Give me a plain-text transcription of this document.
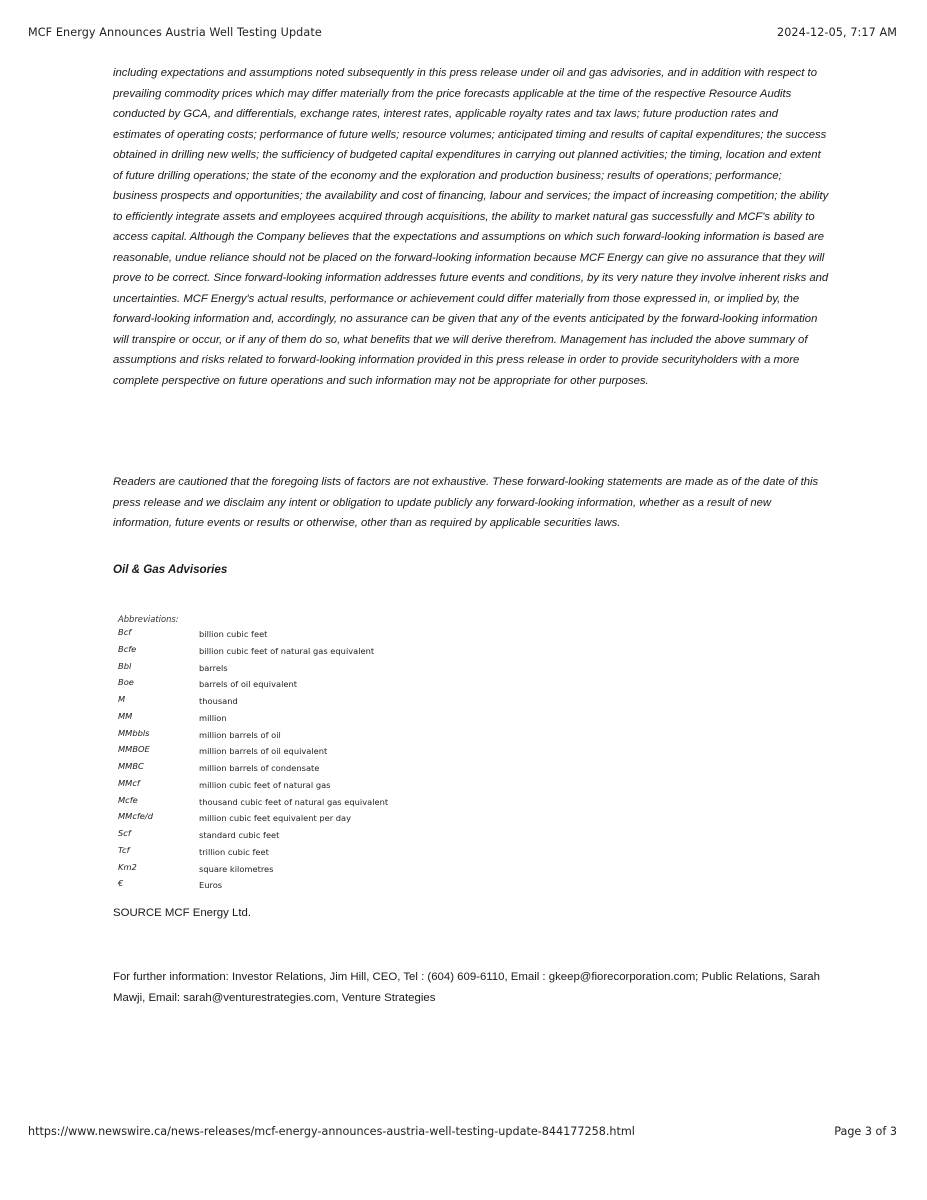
MCF Energy Announces Austria Well Testing Update	2024-12-05, 7:17 AM

including expectations and assumptions noted subsequently in this press release under oil and gas advisories, and in addition with respect to prevailing commodity prices which may differ materially from the price forecasts applicable at the time of the respective Resource Audits conducted by GCA, and differentials, exchange rates, interest rates, applicable royalty rates and tax laws; future production rates and estimates of operating costs; performance of future wells; resource volumes; anticipated timing and results of capital expenditures; the success obtained in drilling new wells; the sufficiency of budgeted capital expenditures in carrying out planned activities; the timing, location and extent of future drilling operations; the state of the economy and the exploration and production business; results of operations; performance; business prospects and opportunities; the availability and cost of financing, labour and services; the impact of increasing competition; the ability to efficiently integrate assets and employees acquired through acquisitions, the ability to market natural gas successfully and MCF's ability to access capital. Although the Company believes that the expectations and assumptions on which such forward-looking information is based are reasonable, undue reliance should not be placed on the forward-looking information because MCF Energy can give no assurance that they will prove to be correct. Since forward-looking information addresses future events and conditions, by its very nature they involve inherent risks and uncertainties. MCF Energy's actual results, performance or achievement could differ materially from those expressed in, or implied by, the forward-looking information and, accordingly, no assurance can be given that any of the events anticipated by the forward-looking information will transpire or occur, or if any of them do so, what benefits that we will derive therefrom. Management has included the above summary of assumptions and risks related to forward-looking information provided in this press release in order to provide securityholders with a more complete perspective on future operations and such information may not be appropriate for other purposes.

Readers are cautioned that the foregoing lists of factors are not exhaustive. These forward-looking statements are made as of the date of this press release and we disclaim any intent or obligation to update publicly any forward-looking information, whether as a result of new information, future events or results or otherwise, other than as required by applicable securities laws.

Oil & Gas Advisories

Abbreviations:

Bcf	billion cubic feet
Bcfe	billion cubic feet of natural gas equivalent
Bbl	barrels
Boe	barrels of oil equivalent
M	thousand
MM	million
MMbbls	million barrels of oil
MMBOE	million barrels of oil equivalent
MMBC	million barrels of condensate
MMcf	million cubic feet of natural gas
Mcfe	thousand cubic feet of natural gas equivalent
MMcfe/d	million cubic feet equivalent per day
Scf	standard cubic feet
Tcf	trillion cubic feet
Km2	square kilometres
€	Euros

SOURCE MCF Energy Ltd.

For further information: Investor Relations, Jim Hill, CEO, Tel : (604) 609-6110, Email : gkeep@fiorecorporation.com; Public Relations, Sarah Mawji, Email: sarah@venturestrategies.com, Venture Strategies

https://www.newswire.ca/news-releases/mcf-energy-announces-austria-well-testing-update-844177258.html	Page 3 of 3
